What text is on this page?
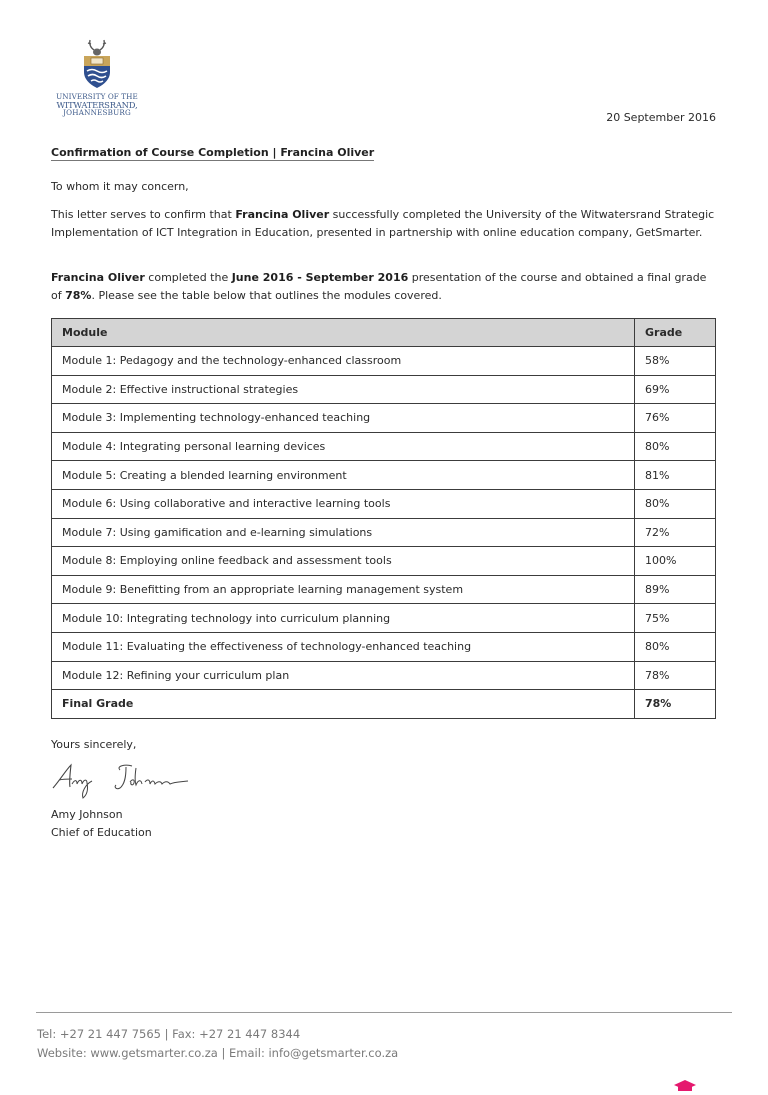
UNIVERSITY OF THE
WITWATERSRAND,
JOHANNESBURG	20 September 2016
Confirmation of Course Completion | Francina Oliver
To whom it may concern,
This letter serves to confirm that Francina Oliver successfully completed the University of the Witwatersrand Strategic Implementation of ICT Integration in Education, presented in partnership with online education company, GetSmarter.
Francina Oliver completed the June 2016 - September 2016 presentation of the course and obtained a final grade of 78%. Please see the table below that outlines the modules covered.
Module	Grade
Module 1: Pedagogy and the technology-enhanced classroom	58%
Module 2: Effective instructional strategies	69%
Module 3: Implementing technology-enhanced teaching	76%
Module 4: Integrating personal learning devices	80%
Module 5: Creating a blended learning environment	81%
Module 6: Using collaborative and interactive learning tools	80%
Module 7: Using gamification and e-learning simulations	72%
Module 8: Employing online feedback and assessment tools	100%
Module 9: Benefitting from an appropriate learning management system	89%
Module 10: Integrating technology into curriculum planning	75%
Module 11: Evaluating the effectiveness of technology-enhanced teaching	80%
Module 12: Refining your curriculum plan	78%
Final Grade	78%
Yours sincerely,
Amy Johnson
Chief of Education
Tel: +27 21 447 7565 | Fax: +27 21 447 8344
Website: www.getsmarter.co.za | Email: info@getsmarter.co.za
